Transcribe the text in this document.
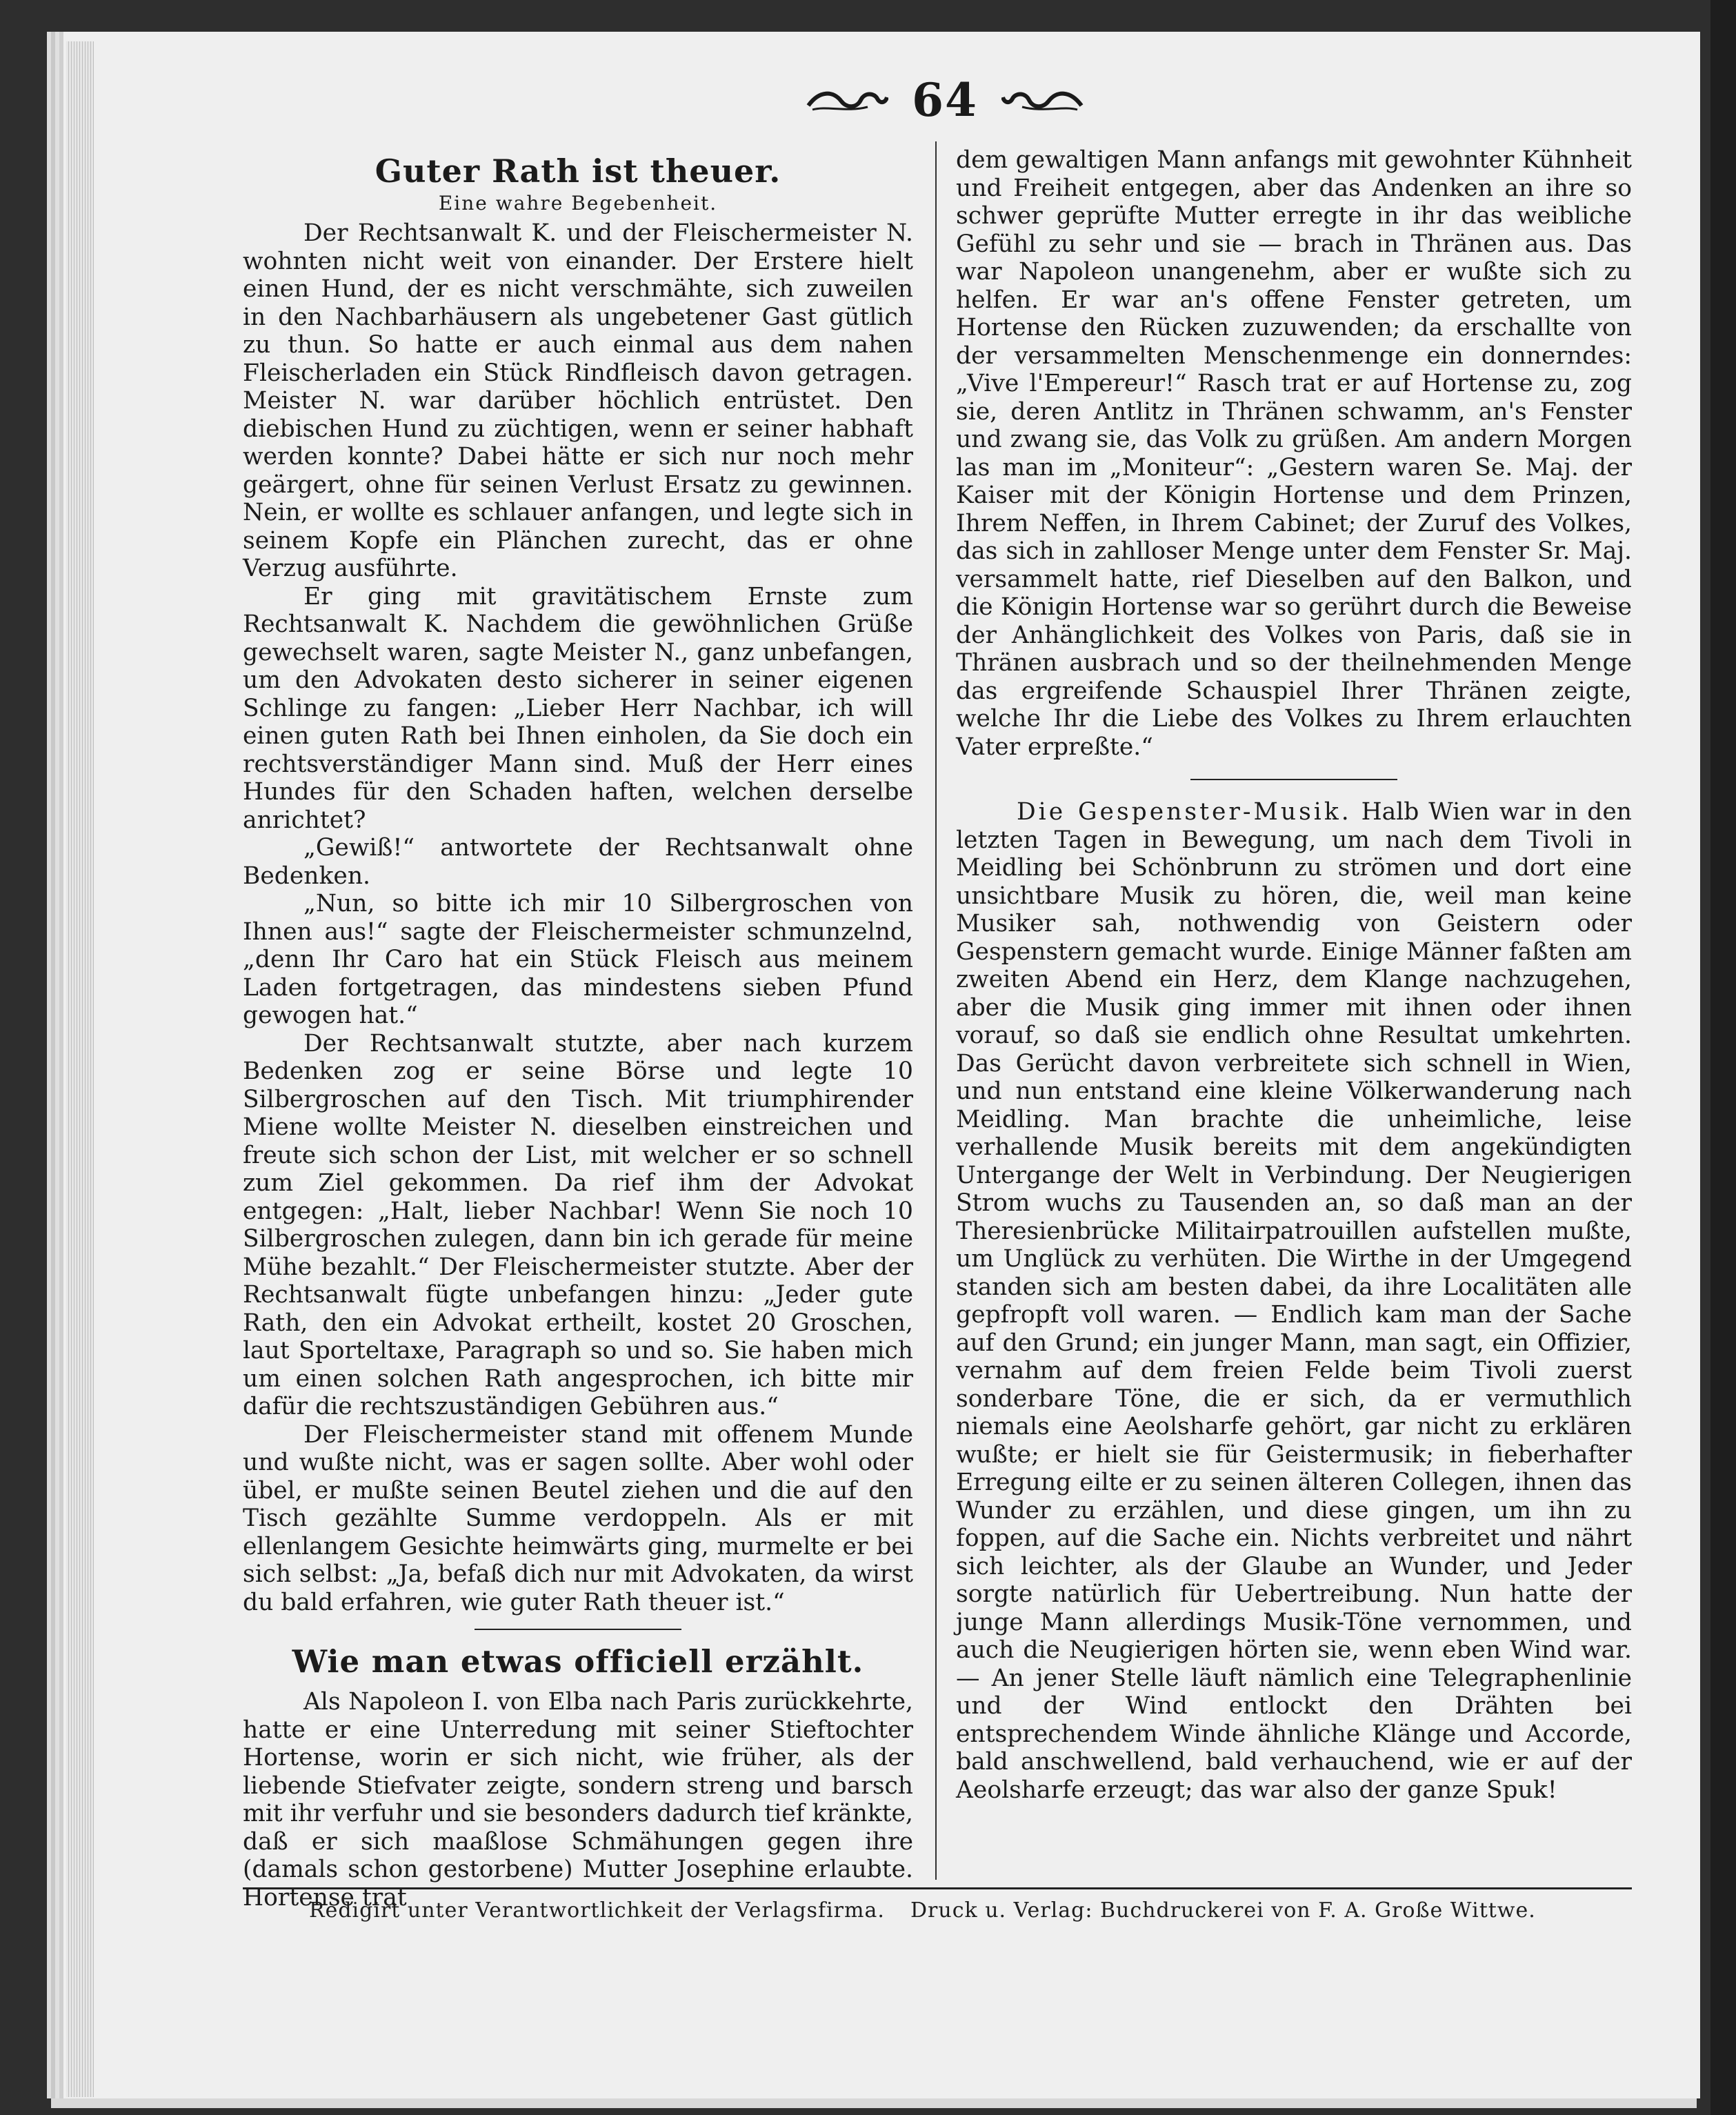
64
Guter Rath ist theuer.
Eine wahre Begebenheit.

Der Rechtsanwalt K. und der Fleischermeister N. wohnten nicht weit von einander. Der Erstere hielt einen Hund, der es nicht verschmähte, sich zuweilen in den Nachbarhäusern als ungebetener Gast gütlich zu thun. So hatte er auch einmal aus dem nahen Fleischerladen ein Stück Rindfleisch davon getragen. Meister N. war darüber höchlich entrüstet. Den diebischen Hund zu züchtigen, wenn er seiner habhaft werden konnte? Dabei hätte er sich nur noch mehr geärgert, ohne für seinen Verlust Ersatz zu gewinnen. Nein, er wollte es schlauer anfangen, und legte sich in seinem Kopfe ein Plänchen zurecht, das er ohne Verzug ausführte.

Er ging mit gravitätischem Ernste zum Rechtsanwalt K. Nachdem die gewöhnlichen Grüße gewechselt waren, sagte Meister N., ganz unbefangen, um den Advokaten desto sicherer in seiner eigenen Schlinge zu fangen: „Lieber Herr Nachbar, ich will einen guten Rath bei Ihnen einholen, da Sie doch ein rechtsverständiger Mann sind. Muß der Herr eines Hundes für den Schaden haften, welchen derselbe anrichtet?

„Gewiß!“ antwortete der Rechtsanwalt ohne Bedenken.

„Nun, so bitte ich mir 10 Silbergroschen von Ihnen aus!“ sagte der Fleischermeister schmunzelnd, „denn Ihr Caro hat ein Stück Fleisch aus meinem Laden fortgetragen, das mindestens sieben Pfund gewogen hat.“

Der Rechtsanwalt stutzte, aber nach kurzem Bedenken zog er seine Börse und legte 10 Silbergroschen auf den Tisch. Mit triumphirender Miene wollte Meister N. dieselben einstreichen und freute sich schon der List, mit welcher er so schnell zum Ziel gekommen. Da rief ihm der Advokat entgegen: „Halt, lieber Nachbar! Wenn Sie noch 10 Silbergroschen zulegen, dann bin ich gerade für meine Mühe bezahlt.“ Der Fleischermeister stutzte. Aber der Rechtsanwalt fügte unbefangen hinzu: „Jeder gute Rath, den ein Advokat ertheilt, kostet 20 Groschen, laut Sporteltaxe, Paragraph so und so. Sie haben mich um einen solchen Rath angesprochen, ich bitte mir dafür die rechtszuständigen Gebühren aus.“

Der Fleischermeister stand mit offenem Munde und wußte nicht, was er sagen sollte. Aber wohl oder übel, er mußte seinen Beutel ziehen und die auf den Tisch gezählte Summe verdoppeln. Als er mit ellenlangem Gesichte heimwärts ging, murmelte er bei sich selbst: „Ja, befaß dich nur mit Advokaten, da wirst du bald erfahren, wie guter Rath theuer ist.“

Wie man etwas officiell erzählt.

Als Napoleon I. von Elba nach Paris zurückkehrte, hatte er eine Unterredung mit seiner Stieftochter Hortense, worin er sich nicht, wie früher, als der liebende Stiefvater zeigte, sondern streng und barsch mit ihr verfuhr und sie besonders dadurch tief kränkte, daß er sich maaßlose Schmähungen gegen ihre (damals schon gestorbene) Mutter Josephine erlaubte. Hortense trat

dem gewaltigen Mann anfangs mit gewohnter Kühnheit und Freiheit entgegen, aber das Andenken an ihre so schwer geprüfte Mutter erregte in ihr das weibliche Gefühl zu sehr und sie — brach in Thränen aus. Das war Napoleon unangenehm, aber er wußte sich zu helfen. Er war an's offene Fenster getreten, um Hortense den Rücken zuzuwenden; da erschallte von der versammelten Menschenmenge ein donnerndes: „Vive l'Empereur!“ Rasch trat er auf Hortense zu, zog sie, deren Antlitz in Thränen schwamm, an's Fenster und zwang sie, das Volk zu grüßen. Am andern Morgen las man im „Moniteur“: „Gestern waren Se. Maj. der Kaiser mit der Königin Hortense und dem Prinzen, Ihrem Neffen, in Ihrem Cabinet; der Zuruf des Volkes, das sich in zahlloser Menge unter dem Fenster Sr. Maj. versammelt hatte, rief Dieselben auf den Balkon, und die Königin Hortense war so gerührt durch die Beweise der Anhänglichkeit des Volkes von Paris, daß sie in Thränen ausbrach und so der theilnehmenden Menge das ergreifende Schauspiel Ihrer Thränen zeigte, welche Ihr die Liebe des Volkes zu Ihrem erlauchten Vater erpreßte.“

Die Gespenster-Musik. Halb Wien war in den letzten Tagen in Bewegung, um nach dem Tivoli in Meidling bei Schönbrunn zu strömen und dort eine unsichtbare Musik zu hören, die, weil man keine Musiker sah, nothwendig von Geistern oder Gespenstern gemacht wurde. Einige Männer faßten am zweiten Abend ein Herz, dem Klange nachzugehen, aber die Musik ging immer mit ihnen oder ihnen vorauf, so daß sie endlich ohne Resultat umkehrten. Das Gerücht davon verbreitete sich schnell in Wien, und nun entstand eine kleine Völkerwanderung nach Meidling. Man brachte die unheimliche, leise verhallende Musik bereits mit dem angekündigten Untergange der Welt in Verbindung. Der Neugierigen Strom wuchs zu Tausenden an, so daß man an der Theresienbrücke Militairpatrouillen aufstellen mußte, um Unglück zu verhüten. Die Wirthe in der Umgegend standen sich am besten dabei, da ihre Localitäten alle gepfropft voll waren. — Endlich kam man der Sache auf den Grund; ein junger Mann, man sagt, ein Offizier, vernahm auf dem freien Felde beim Tivoli zuerst sonderbare Töne, die er sich, da er vermuthlich niemals eine Aeolsharfe gehört, gar nicht zu erklären wußte; er hielt sie für Geistermusik; in fieberhafter Erregung eilte er zu seinen älteren Collegen, ihnen das Wunder zu erzählen, und diese gingen, um ihn zu foppen, auf die Sache ein. Nichts verbreitet und nährt sich leichter, als der Glaube an Wunder, und Jeder sorgte natürlich für Uebertreibung. Nun hatte der junge Mann allerdings Musik-Töne vernommen, und auch die Neugierigen hörten sie, wenn eben Wind war. — An jener Stelle läuft nämlich eine Telegraphenlinie und der Wind entlockt den Drähten bei entsprechendem Winde ähnliche Klänge und Accorde, bald anschwellend, bald verhauchend, wie er auf der Aeolsharfe erzeugt; das war also der ganze Spuk!

Redigirt unter Verantwortlichkeit der Verlagsfirma. Druck u. Verlag: Buchdruckerei von F. A. Große Wittwe.
